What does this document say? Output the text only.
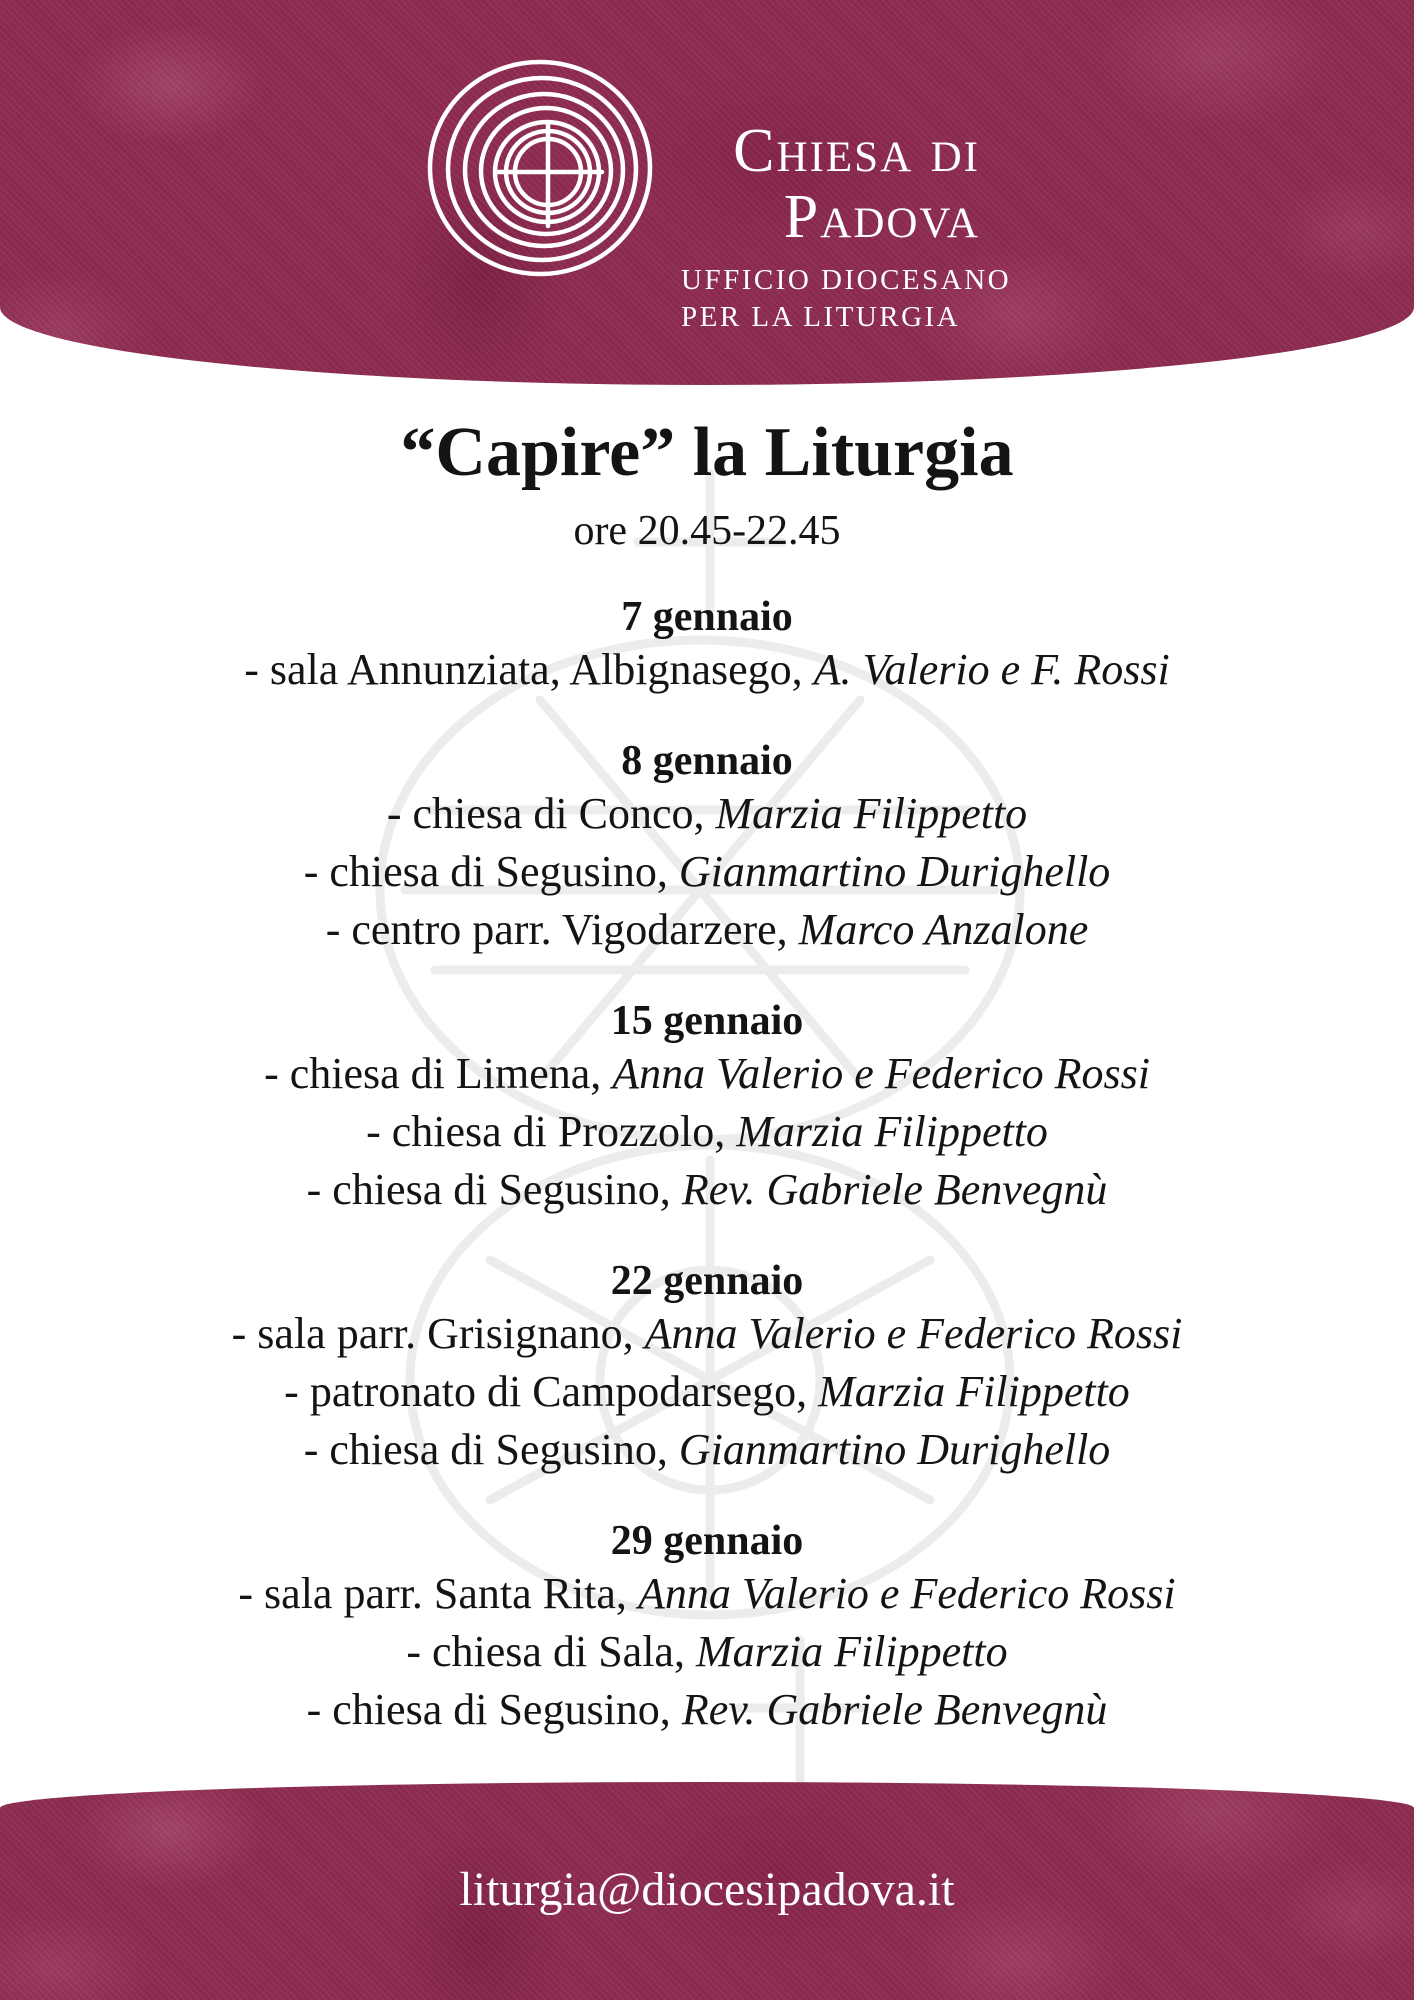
Chiesa di
Padova
UFFICIO DIOCESANO
PER LA LITURGIA
“Capire” la Liturgia
ore 20.45-22.45
7 gennaio

- sala Annunziata, Albignasego, A. Valerio e F. Rossi

8 gennaio

- chiesa di Conco, Marzia Filippetto

- chiesa di Segusino, Gianmartino Durighello

- centro parr. Vigodarzere, Marco Anzalone

15 gennaio

- chiesa di Limena, Anna Valerio e Federico Rossi

- chiesa di Prozzolo, Marzia Filippetto

- chiesa di Segusino, Rev. Gabriele Benvegnù

22 gennaio

- sala parr. Grisignano, Anna Valerio e Federico Rossi

- patronato di Campodarsego, Marzia Filippetto

- chiesa di Segusino, Gianmartino Durighello

29 gennaio

- sala parr. Santa Rita, Anna Valerio e Federico Rossi

- chiesa di Sala, Marzia Filippetto

- chiesa di Segusino, Rev. Gabriele Benvegnù

liturgia@diocesipadova.it
